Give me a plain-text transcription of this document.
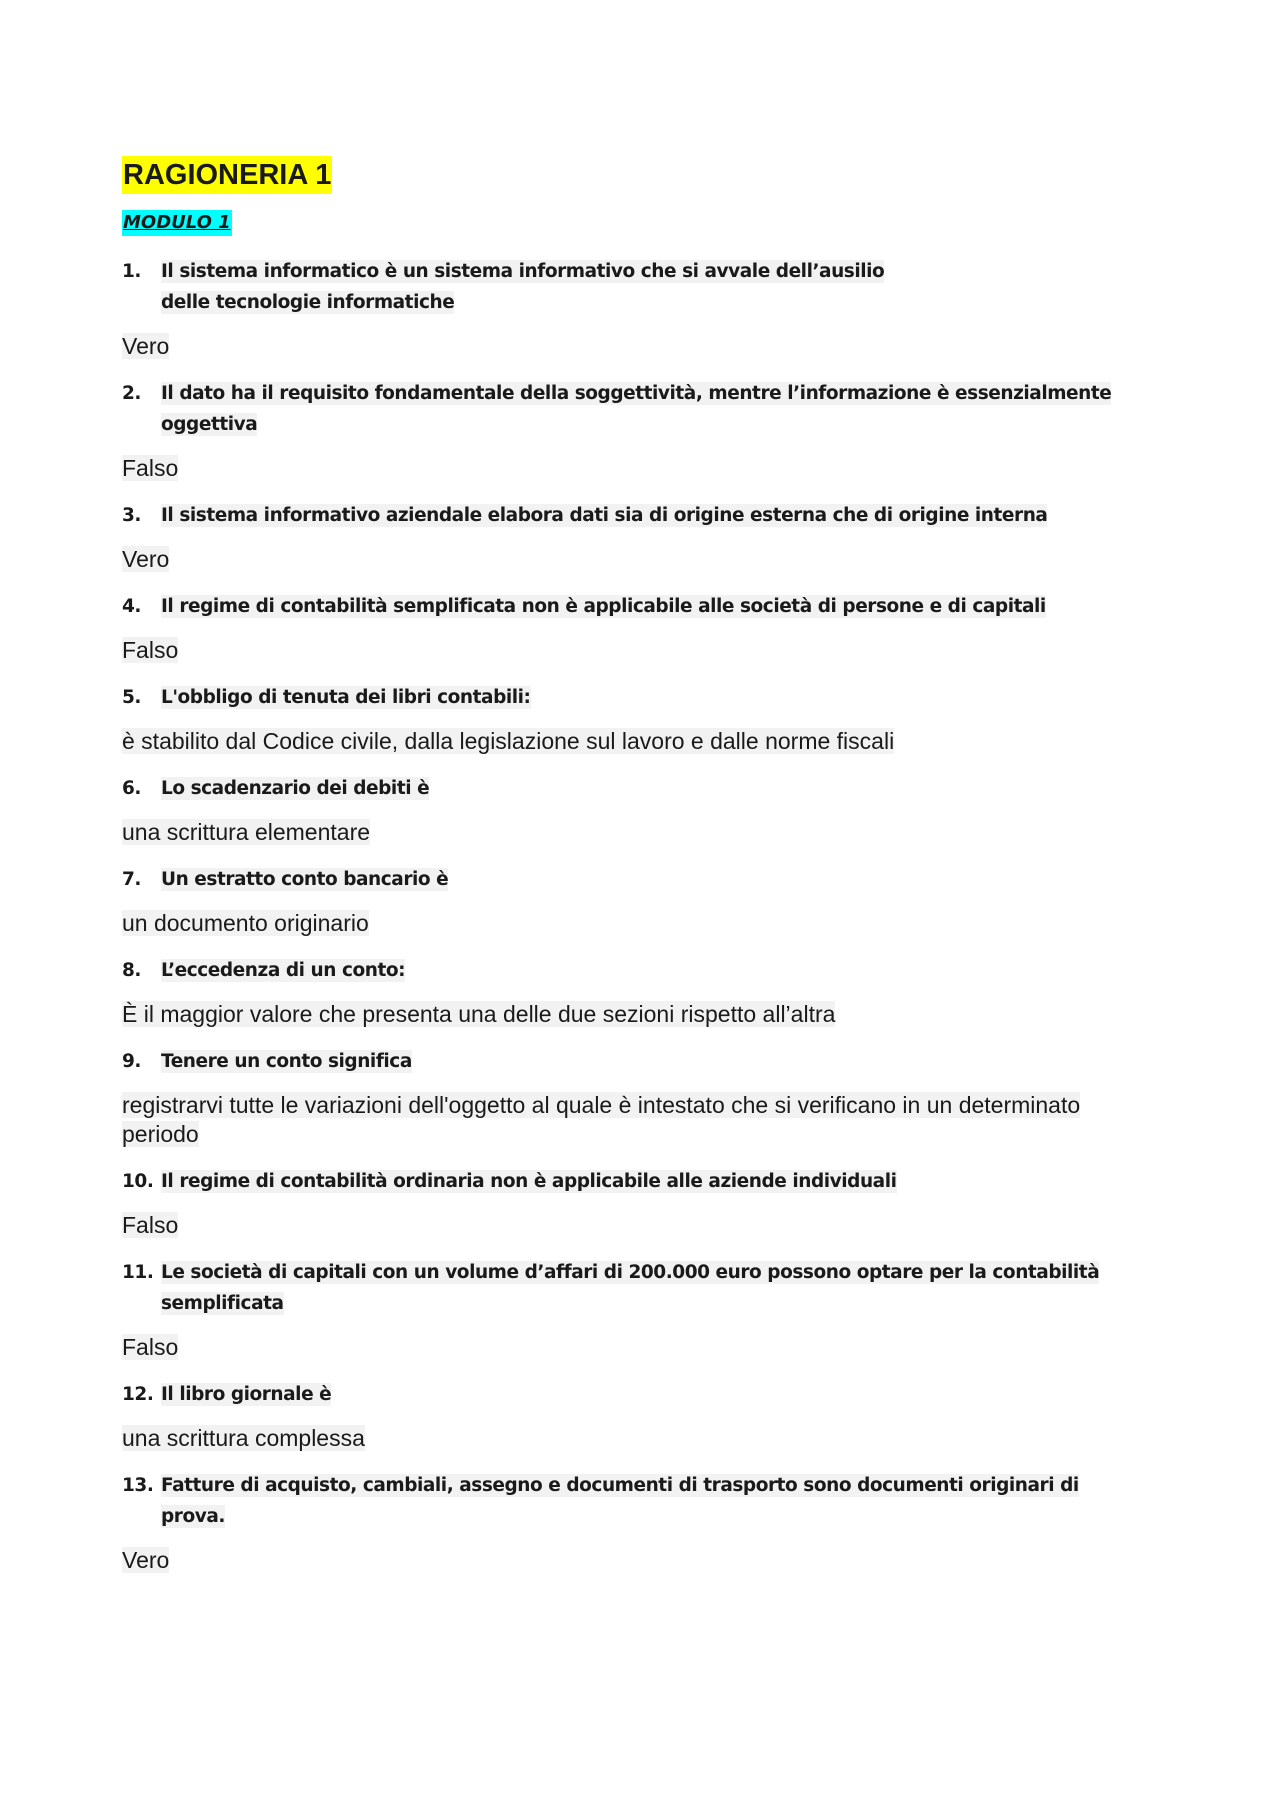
RAGIONERIA 1
MODULO 1
1.	Il sistema informatico è un sistema informativo che si avvale dell’ausilio delle tecnologie informatiche
Vero
2.	Il dato ha il requisito fondamentale della soggettività, mentre l’informazione è essenzialmente oggettiva
Falso
3.	Il sistema informativo aziendale elabora dati sia di origine esterna che di origine interna
Vero
4.	Il regime di contabilità semplificata non è applicabile alle società di persone e di capitali
Falso
5.	L'obbligo di tenuta dei libri contabili:
è stabilito dal Codice civile, dalla legislazione sul lavoro e dalle norme fiscali
6.	Lo scadenzario dei debiti è
una scrittura elementare
7.	Un estratto conto bancario è
un documento originario
8.	L’eccedenza di un conto:
È il maggior valore che presenta una delle due sezioni rispetto all’altra
9.	Tenere un conto significa
registrarvi tutte le variazioni dell'oggetto al quale è intestato che si verificano in un determinato periodo
10. Il regime di contabilità ordinaria non è applicabile alle aziende individuali
Falso
11. Le società di capitali con un volume d’affari di 200.000 euro possono optare per la contabilità semplificata
Falso
12. Il libro giornale è
una scrittura complessa
13. Fatture di acquisto, cambiali, assegno e documenti di trasporto sono documenti originari di prova.
Vero
